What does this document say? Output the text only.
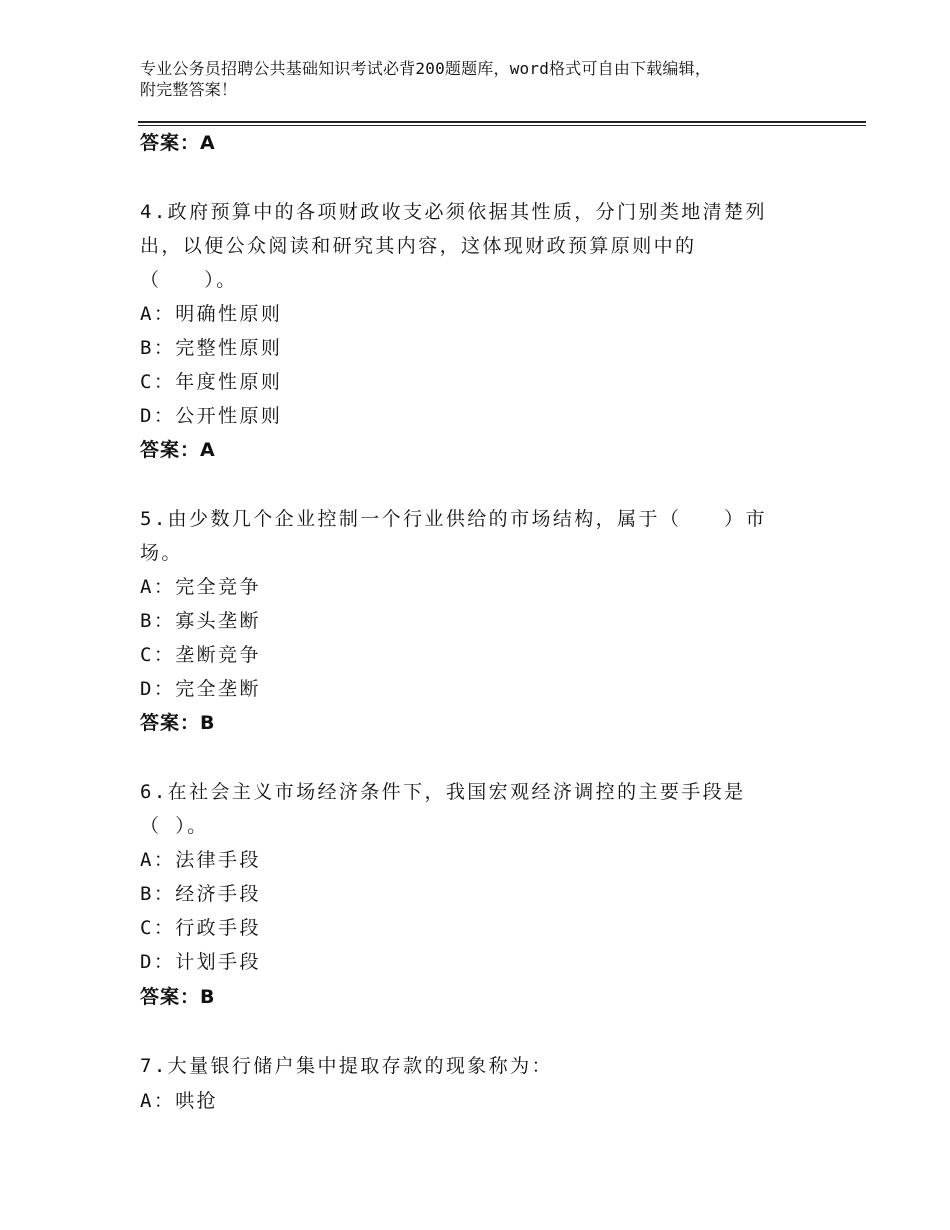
专业公务员招聘公共基础知识考试必背200题题库，word格式可自由下载编辑，
附完整答案！
答案：A
4.政府预算中的各项财政收支必须依据其性质，分门别类地清楚列
出，以便公众阅读和研究其内容，这体现财政预算原则中的
（　　）。
A：明确性原则
B：完整性原则
C：年度性原则
D：公开性原则
答案：A
5.由少数几个企业控制一个行业供给的市场结构，属于（　　）市
场。
A：完全竞争
B：寡头垄断
C：垄断竞争
D：完全垄断
答案：B
6.在社会主义市场经济条件下，我国宏观经济调控的主要手段是
（ ）。
A：法律手段
B：经济手段
C：行政手段
D：计划手段
答案：B
7.大量银行储户集中提取存款的现象称为：
A：哄抢
